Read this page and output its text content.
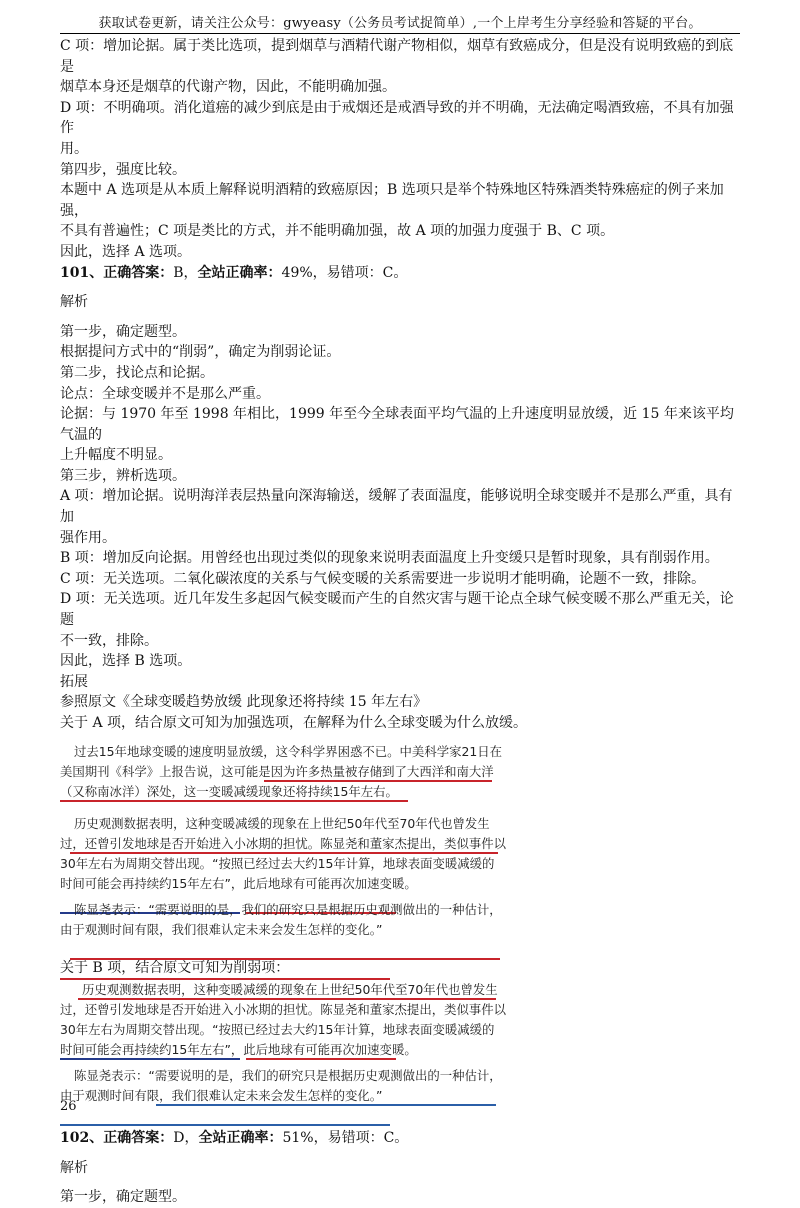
获取试卷更新，请关注公众号：gwyeasy（公务员考试捉简单）,一个上岸考生分享经验和答疑的平台。

C 项：增加论据。属于类比选项，提到烟草与酒精代谢产物相似，烟草有致癌成分，但是没有说明致癌的到底是

烟草本身还是烟草的代谢产物，因此，不能明确加强。

D 项：不明确项。消化道癌的减少到底是由于戒烟还是戒酒导致的并不明确，无法确定喝酒致癌，不具有加强作

用。

第四步，强度比较。

本题中 A 选项是从本质上解释说明酒精的致癌原因；B 选项只是举个特殊地区特殊酒类特殊癌症的例子来加强，

不具有普遍性；C 项是类比的方式，并不能明确加强，故 A 项的加强力度强于 B、C 项。

因此，选择 A 选项。

101、正确答案：B，全站正确率：49%，易错项：C。

解析

第一步，确定题型。

根据提问方式中的“削弱”，确定为削弱论证。

第二步，找论点和论据。

论点：全球变暖并不是那么严重。

论据：与 1970 年至 1998 年相比，1999 年至今全球表面平均气温的上升速度明显放缓，近 15 年来该平均气温的

上升幅度不明显。

第三步，辨析选项。

A 项：增加论据。说明海洋表层热量向深海输送，缓解了表面温度，能够说明全球变暖并不是那么严重，具有加

强作用。

B 项：增加反向论据。用曾经也出现过类似的现象来说明表面温度上升变缓只是暂时现象，具有削弱作用。

C 项：无关选项。二氧化碳浓度的关系与气候变暖的关系需要进一步说明才能明确，论题不一致，排除。

D 项：无关选项。近几年发生多起因气候变暖而产生的自然灾害与题干论点全球气候变暖不那么严重无关，论题

不一致，排除。

因此，选择 B 选项。

拓展

参照原文《全球变暖趋势放缓 此现象还将持续 15 年左右》

关于 A 项，结合原文可知为加强选项，在解释为什么全球变暖为什么放缓。

过去15年地球变暖的速度明显放缓，这令科学界困惑不已。中美科学家21日在
美国期刊《科学》上报告说，这可能是因为许多热量被存储到了大西洋和南大洋
（又称南冰洋）深处，这一变暖减缓现象还将持续15年左右。
历史观测数据表明，这种变暖减缓的现象在上世纪50年代至70年代也曾发生
过，还曾引发地球是否开始进入小冰期的担忧。陈显尧和董家杰提出，类似事件以
30年左右为周期交替出现。“按照已经过去大约15年计算，地球表面变暖减缓的
时间可能会再持续约15年左右”，此后地球有可能再次加速变暖。
陈显尧表示：“需要说明的是，我们的研究只是根据历史观测做出的一种估计，
由于观测时间有限，我们很难认定未来会发生怎样的变化。”

关于 B 项，结合原文可知为削弱项：

历史观测数据表明，这种变暖减缓的现象在上世纪50年代至70年代也曾发生
过，还曾引发地球是否开始进入小冰期的担忧。陈显尧和董家杰提出，类似事件以
30年左右为周期交替出现。“按照已经过去大约15年计算，地球表面变暖减缓的
时间可能会再持续约15年左右”，此后地球有可能再次加速变暖。
陈显尧表示：“需要说明的是，我们的研究只是根据历史观测做出的一种估计，
由于观测时间有限，我们很难认定未来会发生怎样的变化。”

102、正确答案：D，全站正确率：51%，易错项：C。

解析

第一步，确定题型。

26
